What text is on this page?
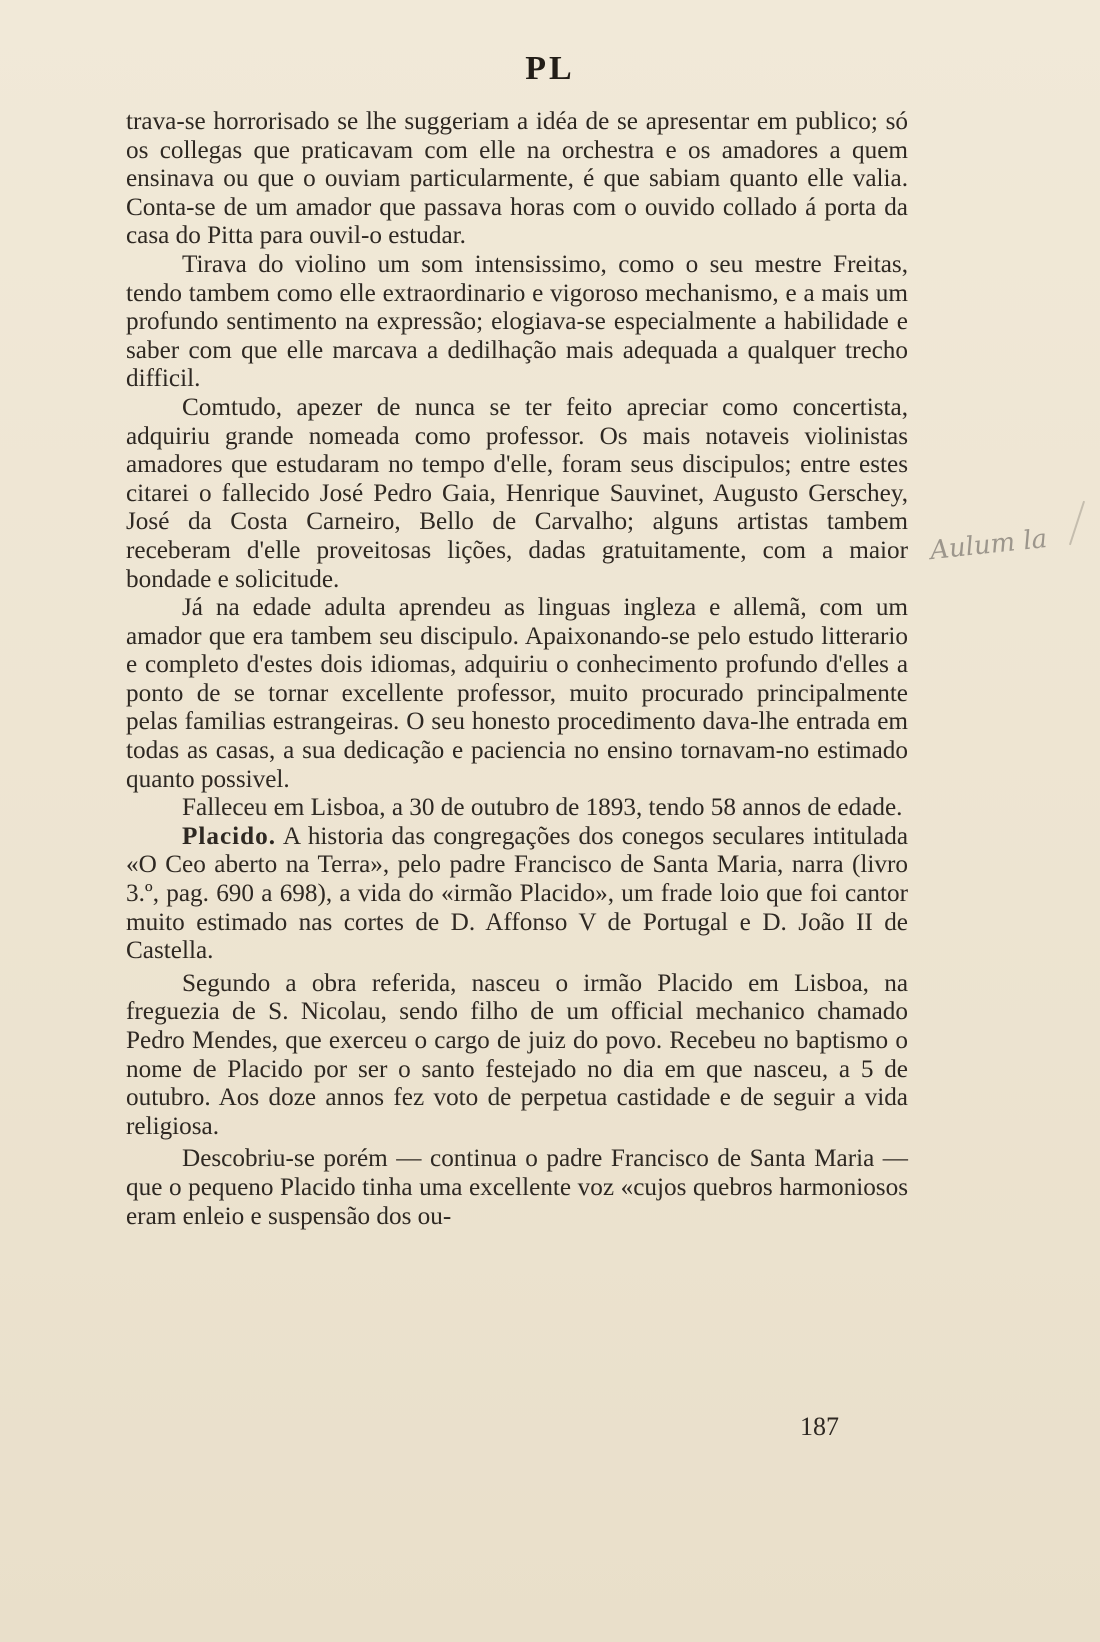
PL

trava-se horrorisado se lhe suggeriam a idéa de se apresentar em publico; só os collegas que praticavam com elle na orchestra e os amadores a quem ensinava ou que o ouviam particularmente, é que sabiam quanto elle valia. Conta-se de um amador que passava horas com o ouvido collado á porta da casa do Pitta para ouvil-o estudar.

Tirava do violino um som intensissimo, como o seu mestre Freitas, tendo tambem como elle extraordinario e vigoroso mechanismo, e a mais um profundo sentimento na expressão; elogiava-se especialmente a habilidade e saber com que elle marcava a dedilhação mais adequada a qualquer trecho difficil.

Comtudo, apezer de nunca se ter feito apreciar como concertista, adquiriu grande nomeada como professor. Os mais notaveis violinistas amadores que estudaram no tempo d'elle, foram seus discipulos; entre estes citarei o fallecido José Pedro Gaia, Henrique Sauvinet, Augusto Gerschey, José da Costa Carneiro, Bello de Carvalho; alguns artistas tambem receberam d'elle proveitosas lições, dadas gratuitamente, com a maior bondade e solicitude.

Já na edade adulta aprendeu as linguas ingleza e allemã, com um amador que era tambem seu discipulo. Apaixonando-se pelo estudo litterario e completo d'estes dois idiomas, adquiriu o conhecimento profundo d'elles a ponto de se tornar excellente professor, muito procurado principalmente pelas familias estrangeiras. O seu honesto procedimento dava-lhe entrada em todas as casas, a sua dedicação e paciencia no ensino tornavam-no estimado quanto possivel.

Falleceu em Lisboa, a 30 de outubro de 1893, tendo 58 annos de edade.

Placido. A historia das congregações dos conegos seculares intitulada «O Ceo aberto na Terra», pelo padre Francisco de Santa Maria, narra (livro 3.º, pag. 690 a 698), a vida do «irmão Placido», um frade loio que foi cantor muito estimado nas cortes de D. Affonso V de Portugal e D. João II de Castella.

Segundo a obra referida, nasceu o irmão Placido em Lisboa, na freguezia de S. Nicolau, sendo filho de um official mechanico chamado Pedro Mendes, que exerceu o cargo de juiz do povo. Recebeu no baptismo o nome de Placido por ser o santo festejado no dia em que nasceu, a 5 de outubro. Aos doze annos fez voto de perpetua castidade e de seguir a vida religiosa.

Descobriu-se porém — continua o padre Francisco de Santa Maria — que o pequeno Placido tinha uma excellente voz «cujos quebros harmoniosos eram enleio e suspensão dos ou-

187
Aulum la
